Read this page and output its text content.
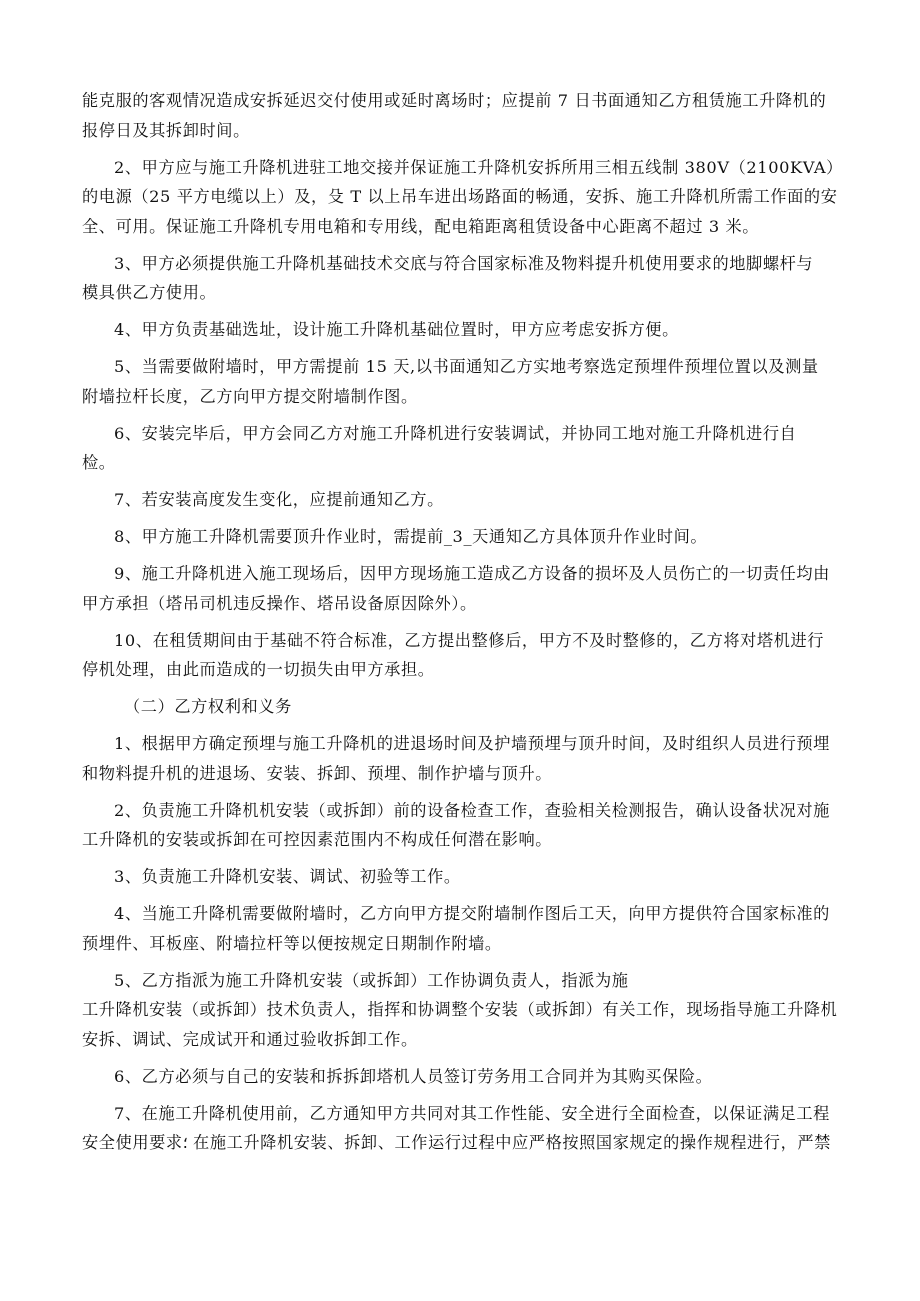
能克服的客观情况造成安拆延迟交付使用或延时离场时；应提前 7 日书面通知乙方租赁施工升降机的
报停日及其拆卸时间。

2、甲方应与施工升降机进驻工地交接并保证施工升降机安拆所用三相五线制 380V（2100KVA）
的电源（25 平方电缆以上）及，殳 T 以上吊车进出场路面的畅通，安拆、施工升降机所需工作面的安
全、可用。保证施工升降机专用电箱和专用线，配电箱距离租赁设备中心距离不超过 3 米。

3、甲方必须提供施工升降机基础技术交底与符合国家标准及物料提升机使用要求的地脚螺杆与
模具供乙方使用。

4、甲方负责基础选址，设计施工升降机基础位置时，甲方应考虑安拆方便。

5、当需要做附墙时，甲方需提前 15 天,以书面通知乙方实地考察选定预埋件预埋位置以及测量
附墙拉杆长度，乙方向甲方提交附墙制作图。

6、安装完毕后，甲方会同乙方对施工升降机进行安装调试，并协同工地对施工升降机进行自
检。

7、若安装高度发生变化，应提前通知乙方。

8、甲方施工升降机需要顶升作业时，需提前_3_天通知乙方具体顶升作业时间。

9、施工升降机进入施工现场后，因甲方现场施工造成乙方设备的损坏及人员伤亡的一切责任均由
甲方承担（塔吊司机违反操作、塔吊设备原因除外）。

10、在租赁期间由于基础不符合标准，乙方提出整修后，甲方不及时整修的，乙方将对塔机进行
停机处理，由此而造成的一切损失由甲方承担。

（二）乙方权利和义务

1、根据甲方确定预埋与施工升降机的进退场时间及护墙预埋与顶升时间，及时组织人员进行预埋
和物料提升机的进退场、安装、拆卸、预埋、制作护墙与顶升。

2、负责施工升降机机安装（或拆卸）前的设备检查工作，查验相关检测报告，确认设备状况对施
工升降机的安装或拆卸在可控因素范围内不构成任何潜在影响。

3、负责施工升降机安装、调试、初验等工作。

4、当施工升降机需要做附墙时，乙方向甲方提交附墙制作图后工天，向甲方提供符合国家标准的
预埋件、耳板座、附墙拉杆等以便按规定日期制作附墙。

5、乙方指派为施工升降机安装（或拆卸）工作协调负责人，指派为施
工升降机安装（或拆卸）技术负责人，指挥和协调整个安装（或拆卸）有关工作，现场指导施工升降机
安拆、调试、完成试开和通过验收拆卸工作。

6、乙方必须与自己的安装和拆拆卸塔机人员签订劳务用工合同并为其购买保险。

7、在施工升降机使用前，乙方通知甲方共同对其工作性能、安全进行全面检查，以保证满足工程
安全使用要求؛ 在施工升降机安装、拆卸、工作运行过程中应严格按照国家规定的操作规程进行，严禁
